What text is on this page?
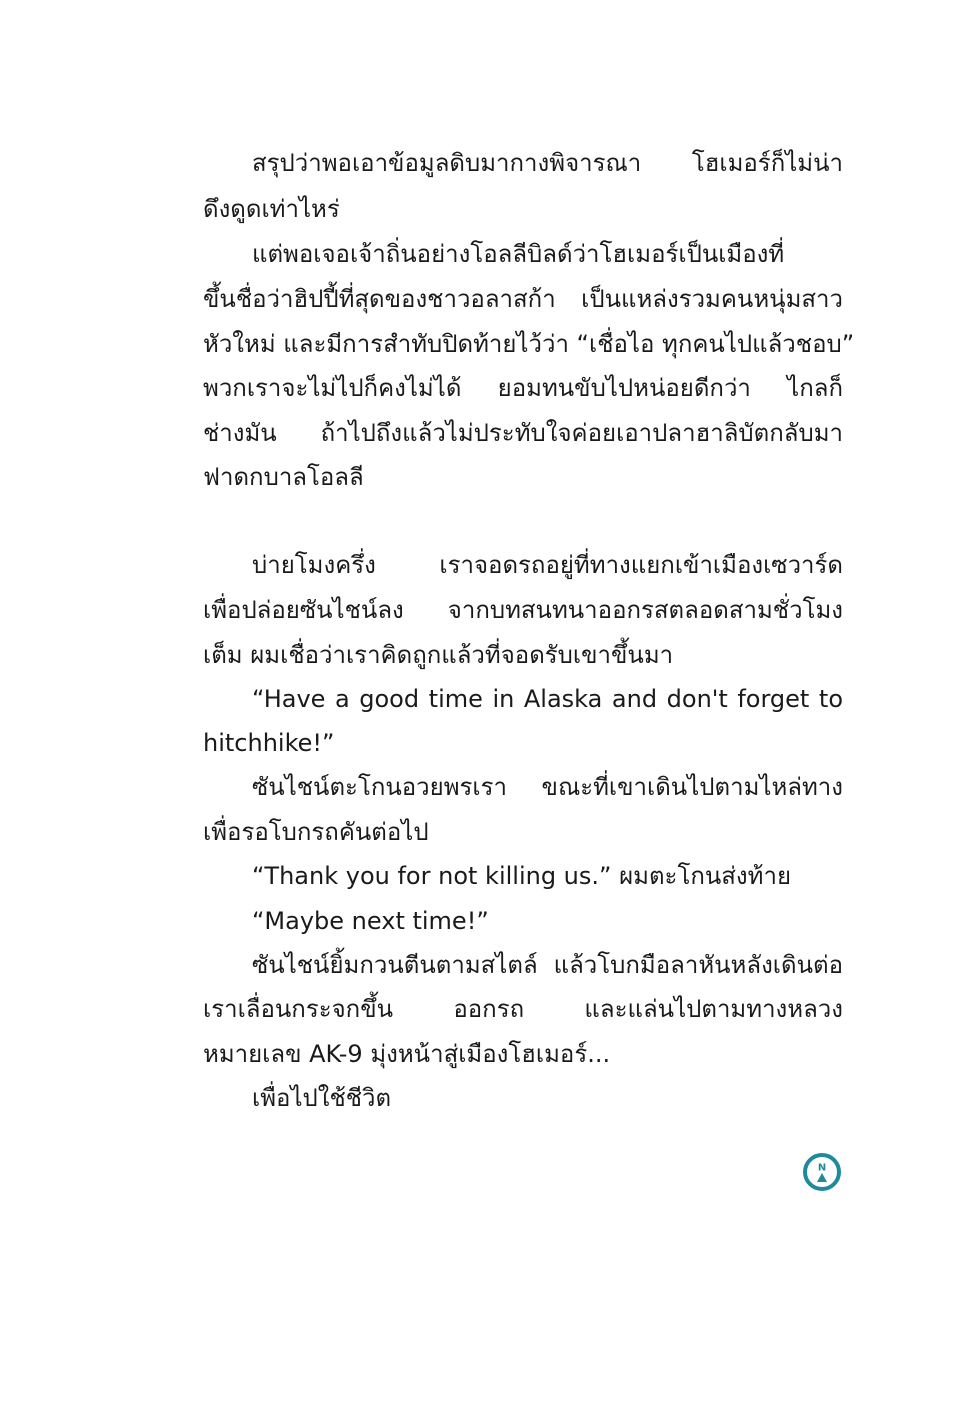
สรุปว่าพอเอาข้อมูลดิบมากางพิจารณา โฮเมอร์ก็ไม่น่า
ดึงดูดเท่าไหร่
แต่พอเจอเจ้าถิ่นอย่างโอลลีบิลด์ว่าโฮเมอร์เป็นเมืองที่
ขึ้นชื่อว่าฮิปปี้ที่สุดของชาวอลาสก้า เป็นแหล่งรวมคนหนุ่มสาว
หัวใหม่ และมีการสำทับปิดท้ายไว้ว่า “เชื่อไอ ทุกคนไปแล้วชอบ”
พวกเราจะไม่ไปก็คงไม่ได้ ยอมทนขับไปหน่อยดีกว่า ไกลก็
ช่างมัน ถ้าไปถึงแล้วไม่ประทับใจค่อยเอาปลาฮาลิบัตกลับมา
ฟาดกบาลโอลลี
บ่ายโมงครึ่ง เราจอดรถอยู่ที่ทางแยกเข้าเมืองเซวาร์ด
เพื่อปล่อยซันไชน์ลง จากบทสนทนาออกรสตลอดสามชั่วโมง
เต็ม ผมเชื่อว่าเราคิดถูกแล้วที่จอดรับเขาขึ้นมา
“Have a good time in Alaska and don't forget to
hitchhike!”
ซันไชน์ตะโกนอวยพรเรา ขณะที่เขาเดินไปตามไหล่ทาง
เพื่อรอโบกรถคันต่อไป
“Thank you for not killing us.” ผมตะโกนส่งท้าย
“Maybe next time!”
ซันไชน์ยิ้มกวนตีนตามสไตล์ แล้วโบกมือลาหันหลังเดินต่อ
เราเลื่อนกระจกขึ้น ออกรถ และแล่นไปตามทางหลวง
หมายเลข AK-9 มุ่งหน้าสู่เมืองโฮเมอร์...
เพื่อไปใช้ชีวิต
N
